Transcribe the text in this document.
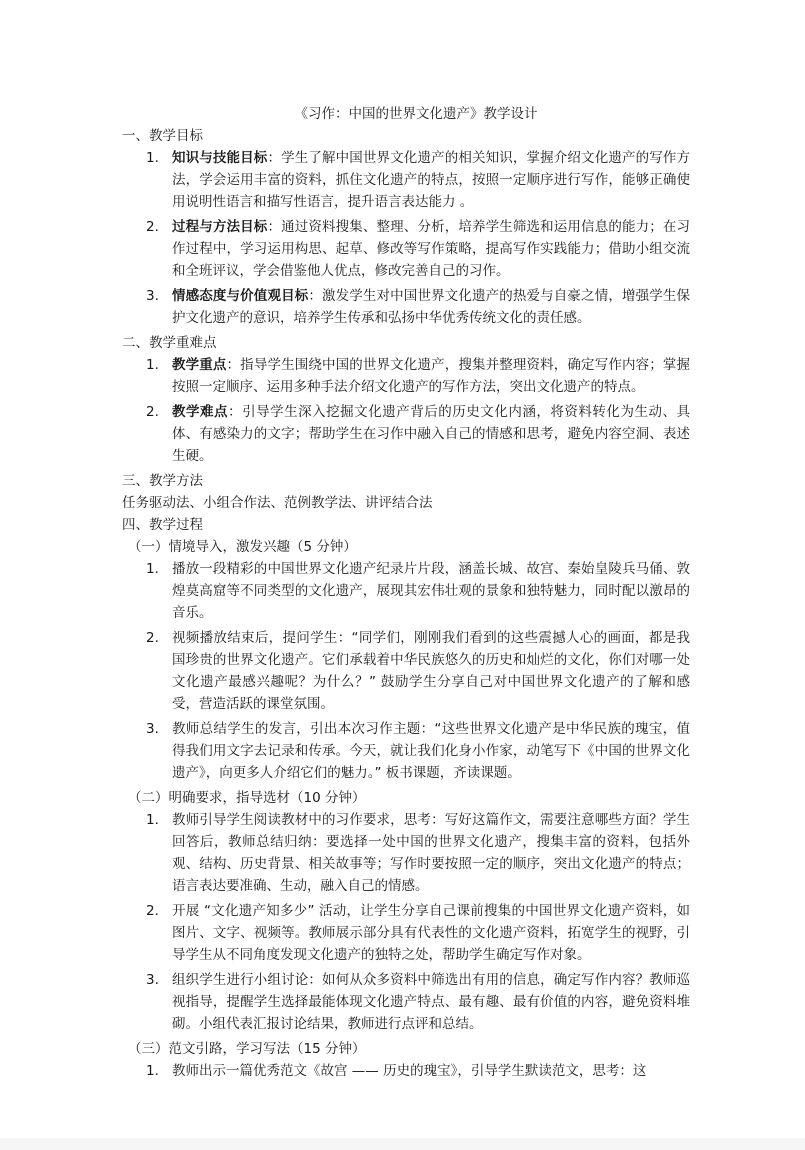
《习作：中国的世界文化遗产》教学设计
一、教学目标
1. 知识与技能目标：学生了解中国世界文化遗产的相关知识，掌握介绍文化遗产的写作方法，学会运用丰富的资料，抓住文化遗产的特点，按照一定顺序进行写作，能够正确使用说明性语言和描写性语言，提升语言表达能力 。
2. 过程与方法目标：通过资料搜集、整理、分析，培养学生筛选和运用信息的能力；在习作过程中，学习运用构思、起草、修改等写作策略，提高写作实践能力；借助小组交流和全班评议，学会借鉴他人优点，修改完善自己的习作。
3. 情感态度与价值观目标：激发学生对中国世界文化遗产的热爱与自豪之情，增强学生保护文化遗产的意识，培养学生传承和弘扬中华优秀传统文化的责任感。
二、教学重难点
1. 教学重点：指导学生围绕中国的世界文化遗产，搜集并整理资料，确定写作内容；掌握按照一定顺序、运用多种手法介绍文化遗产的写作方法，突出文化遗产的特点。
2. 教学难点：引导学生深入挖掘文化遗产背后的历史文化内涵，将资料转化为生动、具体、有感染力的文字；帮助学生在习作中融入自己的情感和思考，避免内容空洞、表述生硬。
三、教学方法
任务驱动法、小组合作法、范例教学法、讲评结合法
四、教学过程
（一）情境导入，激发兴趣（5 分钟）
1. 播放一段精彩的中国世界文化遗产纪录片片段，涵盖长城、故宫、秦始皇陵兵马俑、敦煌莫高窟等不同类型的文化遗产，展现其宏伟壮观的景象和独特魅力，同时配以激昂的音乐。
2. 视频播放结束后，提问学生：“同学们，刚刚我们看到的这些震撼人心的画面，都是我国珍贵的世界文化遗产。它们承载着中华民族悠久的历史和灿烂的文化，你们对哪一处文化遗产最感兴趣呢？为什么？” 鼓励学生分享自己对中国世界文化遗产的了解和感受，营造活跃的课堂氛围。
3. 教师总结学生的发言，引出本次习作主题：“这些世界文化遗产是中华民族的瑰宝，值得我们用文字去记录和传承。今天，就让我们化身小作家，动笔写下《中国的世界文化遗产》，向更多人介绍它们的魅力。” 板书课题，齐读课题。
（二）明确要求，指导选材（10 分钟）
1. 教师引导学生阅读教材中的习作要求，思考：写好这篇作文，需要注意哪些方面？学生回答后，教师总结归纳：要选择一处中国的世界文化遗产，搜集丰富的资料，包括外观、结构、历史背景、相关故事等；写作时要按照一定的顺序，突出文化遗产的特点；语言表达要准确、生动，融入自己的情感。
2. 开展 “文化遗产知多少” 活动，让学生分享自己课前搜集的中国世界文化遗产资料，如图片、文字、视频等。教师展示部分具有代表性的文化遗产资料，拓宽学生的视野，引导学生从不同角度发现文化遗产的独特之处，帮助学生确定写作对象。
3. 组织学生进行小组讨论：如何从众多资料中筛选出有用的信息，确定写作内容？教师巡视指导，提醒学生选择最能体现文化遗产特点、最有趣、最有价值的内容，避免资料堆砌。小组代表汇报讨论结果，教师进行点评和总结。
（三）范文引路，学习写法（15 分钟）
1. 教师出示一篇优秀范文《故宫 —— 历史的瑰宝》，引导学生默读范文，思考：这
